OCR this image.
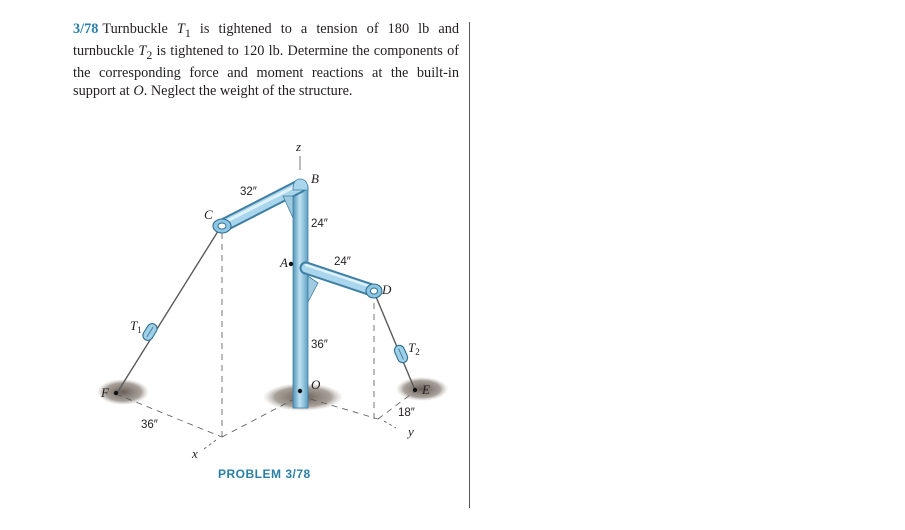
3/78 Turnbuckle $T_1$ is tightened to a tension of 180 lb and turnbuckle $T_2$ is tightened to 120 lb. Determine the components of the corresponding force and moment reactions at the built-in support at O. Neglect the weight of the structure.
z
B
C
A
D
O
F	E
x
y
$T_1$
$T_2$
32″
24″
24″
36″
36″
18″
PROBLEM 3/78
